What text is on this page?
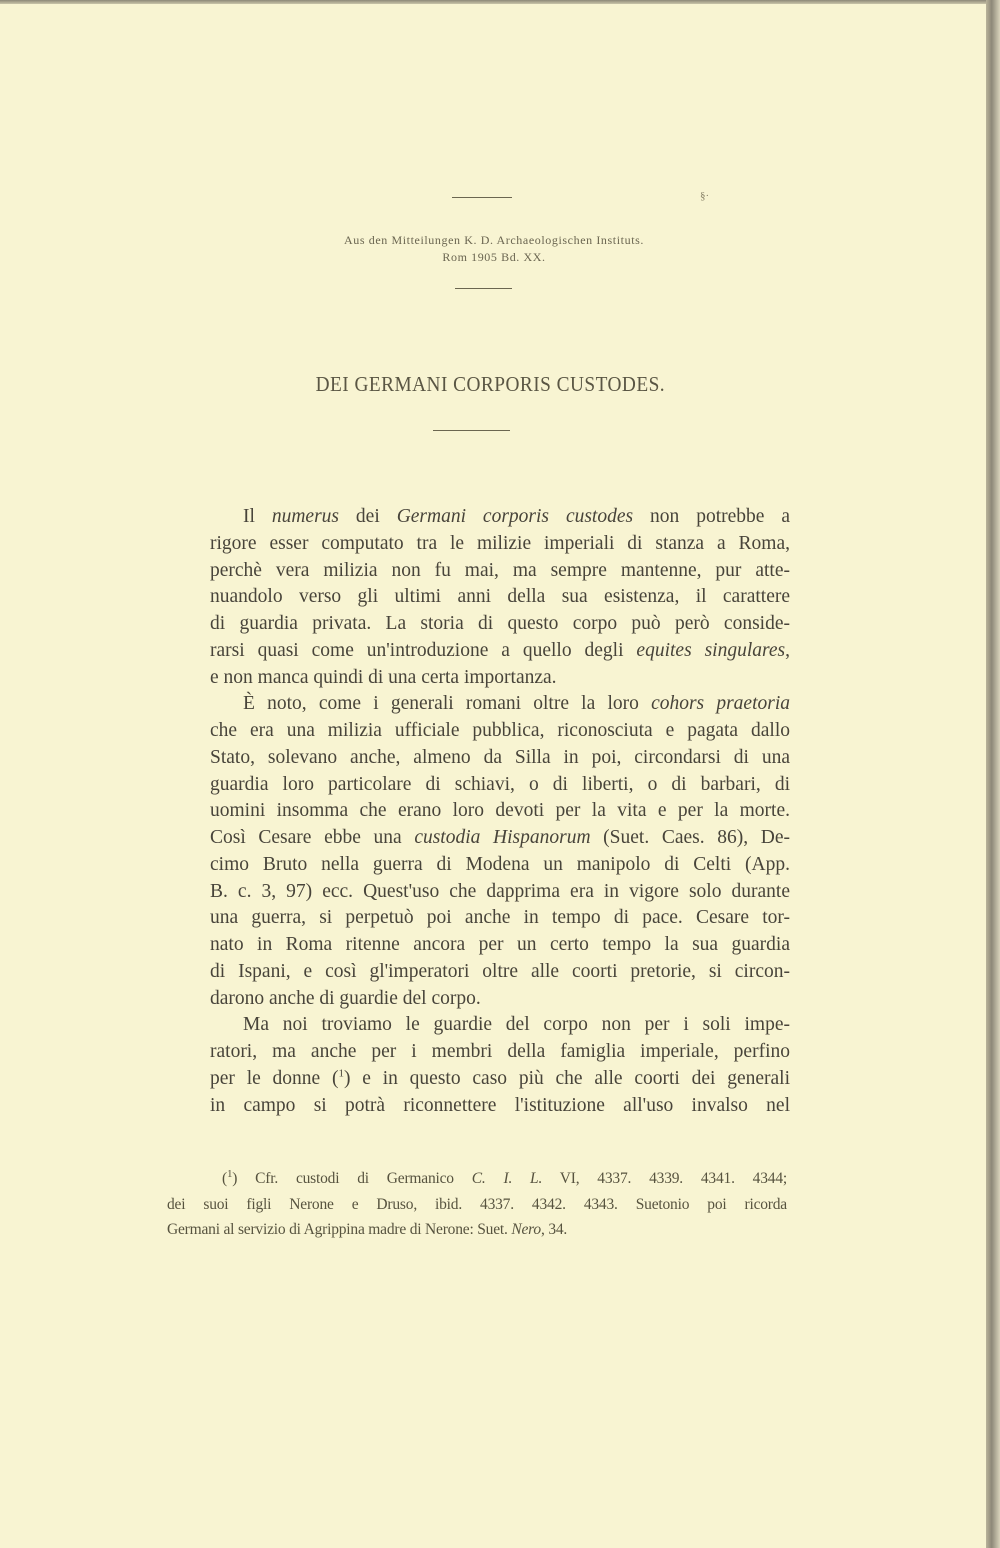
Aus den Mitteilungen K. D. Archaeologischen Instituts.
Rom 1905 Bd. XX.
DEI GERMANI CORPORIS CUSTODES.
Il numerus dei Germani corporis custodes non potrebbe a
rigore esser computato tra le milizie imperiali di stanza a Roma,
perchè vera milizia non fu mai, ma sempre mantenne, pur atte-
nuandolo verso gli ultimi anni della sua esistenza, il carattere
di guardia privata. La storia di questo corpo può però conside-
rarsi quasi come un'introduzione a quello degli equites singulares,
e non manca quindi di una certa importanza.
È noto, come i generali romani oltre la loro cohors praetoria
che era una milizia ufficiale pubblica, riconosciuta e pagata dallo
Stato, solevano anche, almeno da Silla in poi, circondarsi di una
guardia loro particolare di schiavi, o di liberti, o di barbari, di
uomini insomma che erano loro devoti per la vita e per la morte.
Così Cesare ebbe una custodia Hispanorum (Suet. Caes. 86), De-
cimo Bruto nella guerra di Modena un manipolo di Celti (App.
B. c. 3, 97) ecc. Quest'uso che dapprima era in vigore solo durante
una guerra, si perpetuò poi anche in tempo di pace. Cesare tor-
nato in Roma ritenne ancora per un certo tempo la sua guardia
di Ispani, e così gl'imperatori oltre alle coorti pretorie, si circon-
darono anche di guardie del corpo.
Ma noi troviamo le guardie del corpo non per i soli impe-
ratori, ma anche per i membri della famiglia imperiale, perfino
per le donne ($^1$) e in questo caso più che alle coorti dei generali
in campo si potrà riconnettere l'istituzione all'uso invalso nel
($^1$) Cfr. custodi di Germanico C. I. L. VI, 4337. 4339. 4341. 4344;
dei suoi figli Nerone e Druso, ibid. 4337. 4342. 4343. Suetonio poi ricorda
Germani al servizio di Agrippina madre di Nerone: Suet. Nero, 34.
§·
